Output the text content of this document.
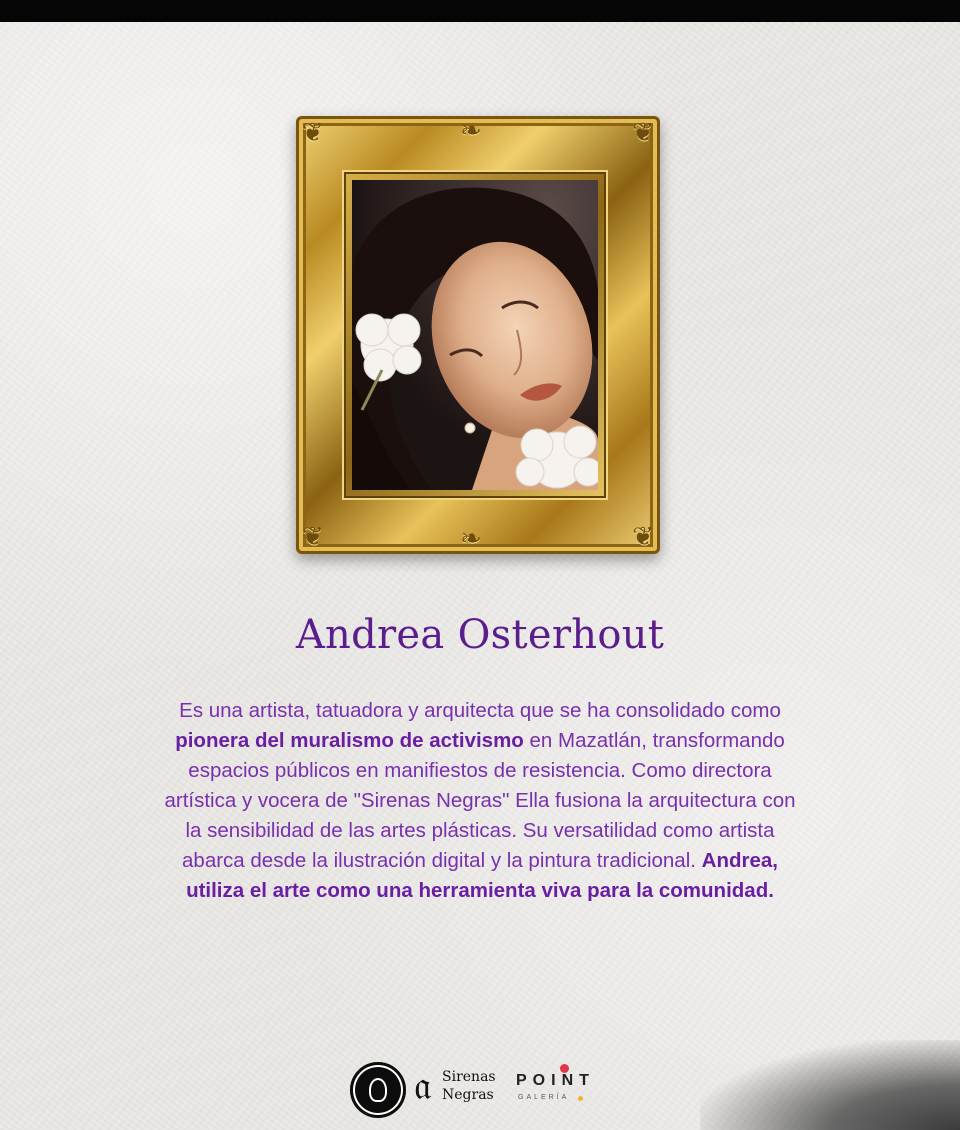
❦	❦
❦	❦
❧
❧
Andrea Osterhout
Es una artista, tatuadora y arquitecta que se ha consolidado como pionera del muralismo de activismo en Mazatlán, transformando espacios públicos en manifiestos de resistencia. Como directora artística y vocera de "Sirenas Negras" Ella fusiona la arquitectura con la sensibilidad de las artes plásticas. Su versatilidad como artista abarca desde la ilustración digital y la pintura tradicional. Andrea, utiliza el arte como una herramienta viva para la comunidad.
𝔞 Sirenas
Negras
POINT
GALERÍA
